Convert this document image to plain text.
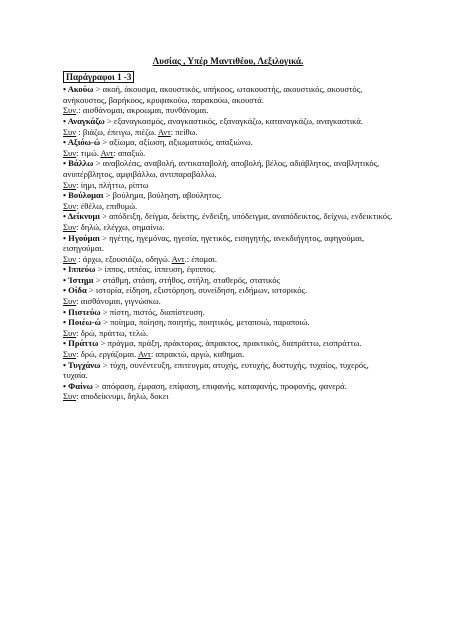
Λυσίας , Υπέρ Μαντιθέου, Λεξιλογικά.
Παράγραφοι 1 -3
• Ακούω > ακοή, άκουσμα, ακουστικός, υπήκοος, ωτακουστής, ακουστικός, ακουστός, ανήκουστος, βαρήκοος, κρυφακούω, παρακούω, ακουστά.
Συν.: αισθάνομαι, ακροωμαι, πυνθάνομαι.
• Αναγκάζω > εξαναγκασμός, αναγκαστικός, εξαναγκάζω, καταναγκάζω, αναγκαστικά.
Συν : βιάζω, έπειγω, πιέζω. Αντ: πείθω.
• Αξιόω-ώ > αξίωμα, αξίωση, αξιωματικός, απαξιώνω.
Συν: τιμώ. Αντ: απαξιώ.
• Βάλλω > αναβολέας, αναβολή, αντικαταβολή, αποβολή, βέλος, αδιάβλητος, αναβλητικός, ανυπέρβλητος, αμφιβάλλω, αντιπαραβάλλω.
Συν: ίημι, πλήττω, ρίπτω
• Βούλομαι > βούλημα, βούληση, αβούλητος.
Συν: έθέλω, επιθυμώ.
• Δείκνυμι > απόδειξη, δείγμα, δείκτης, ένδειξη, υπόδειγμα, αναπόδεικτος, δείχνω, ενδεικτικός.
Συν: δηλώ, ελέγχω, σημαίνω.
• Ηγούμαι > ηγέτης, ηγεμόνας, ηγεσία, ηγετικός, εισηγητής, ανεκδιήγητος, αφηγούμαι, εισηγούμαι.
Συν : άρχω, εξουσιάζω, οδηγώ. Αντ.: έπομαι.
• Ιππεύω > ίππος, ιππέας, ίππευση, έφιππος.
• Ίστημι > στάθμη, στάση, στήθος, στήλη, σταθερός, στατικός
• Οίδα > ιστορία, είδηση, εξιστόρηση, συνείδηση, ειδήμων, ιστορικός.
Συν: αισθάνομαι, γιγνώσκω.
• Πιστεύω > πίστη, πιστός, διαπίστευση.
• Ποιέω-ώ > ποίημα, ποίηση, ποιητής, ποιητικός, μεταποιώ, παραποιώ.
Συν: δρώ, πράττω, τελώ.
• Πράττω > πράγμα, πράξη, πράκτορας, άπρακτος, πρακτικός, διαπράττω, εισπράττω.
Συν: δρώ, εργάζομαι. Αντ: απρακτώ, αργώ, καθημαι.
• Τυγχάνω > τύχη, συνέντευξη, επιτευγμα, ατυχής, ευτυχής, δυστυχής, τυχαίος, τυχερός, τυχαία.
• Φαίνω > απόφαση, έμφαση, επίφαση, επιφανής, καταφανής, προφανής, φανερά.
Συν: αποδείκνυμι, δηλώ, δοκει
